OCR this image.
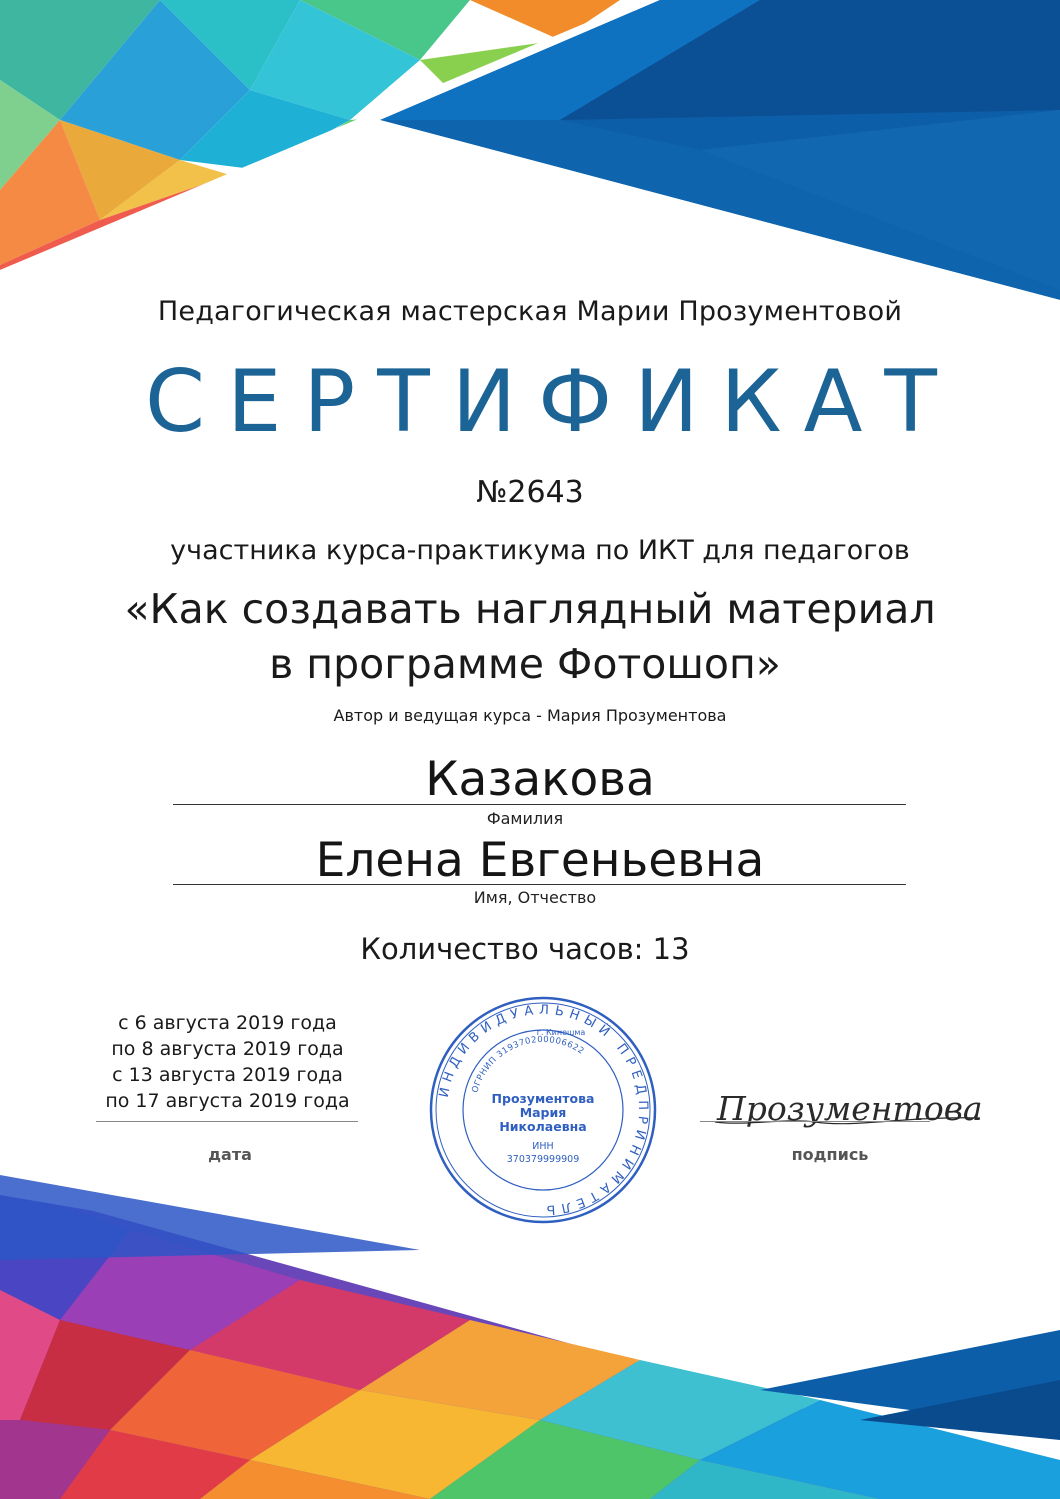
Педагогическая мастерская Марии Прозументовой
СЕРТИФИКАТ
№2643
участника курса-практикума по ИКТ для педагогов
«Как создавать наглядный материал
в программе Фотошоп»
Автор и ведущая курса - Мария Прозументова
Казакова
Фамилия
Елена Евгеньевна
Имя, Отчество
Количество часов: 13
с 6 августа 2019 года
по 8 августа 2019 года
с 13 августа 2019 года
по 17 августа 2019 года
дата
ИНДИВИДУАЛЬНЫЙ ПРЕДПРИНИМАТЕЛЬ
ОГРНИП 319370200006622
г. Кинешма
Прозументова
Мария
Николаевна
ИНН
370379999909
Прозументова
подпись
